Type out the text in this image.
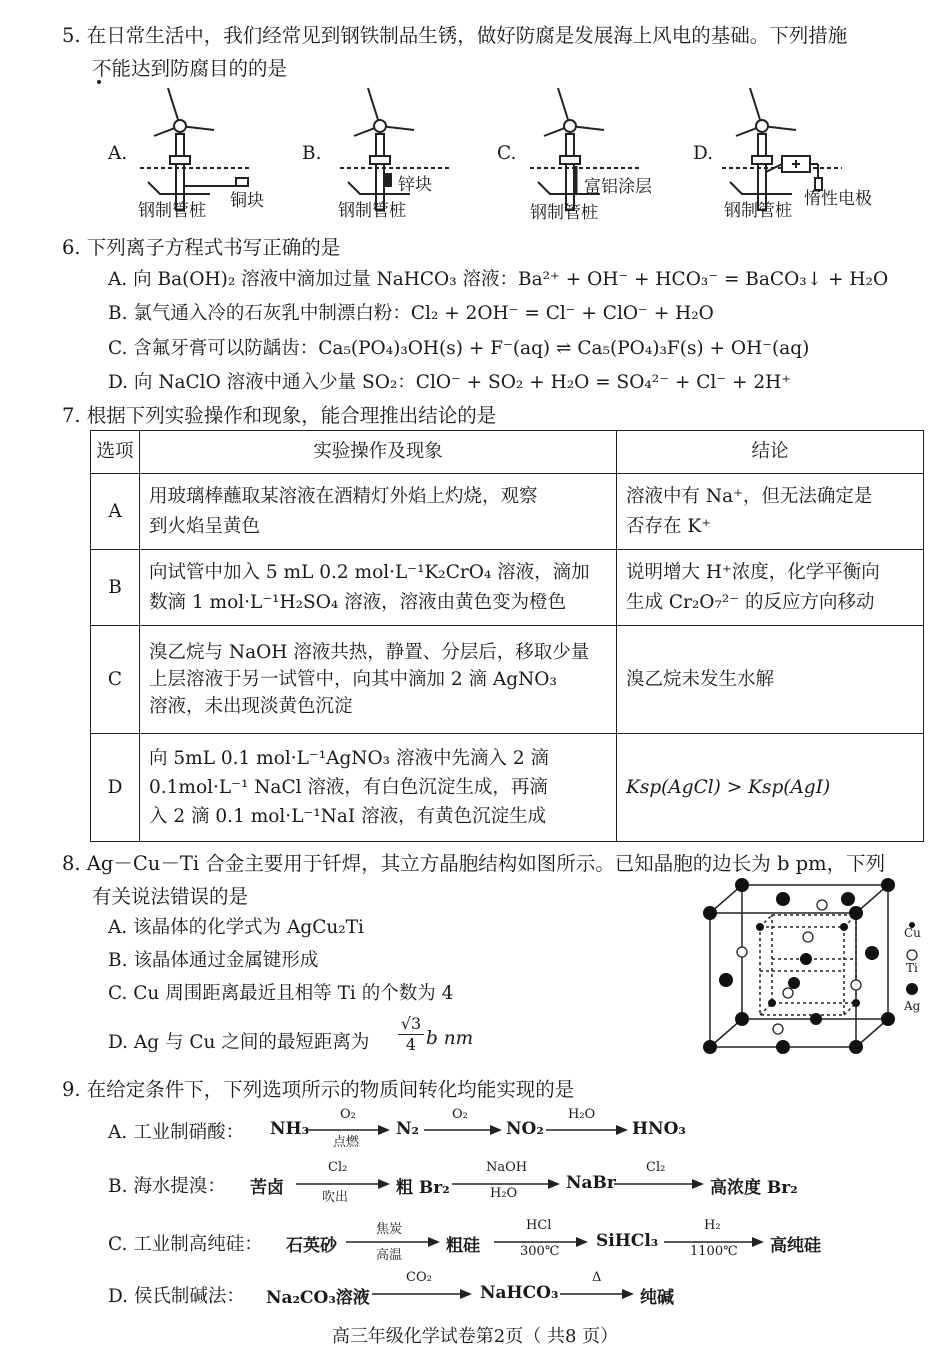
5. 在日常生活中，我们经常见到钢铁制品生锈，做好防腐是发展海上风电的基础。下列措施
不能达到防腐目的的是
A.
钢制管桩 铜块
B.
钢制管桩
锌块
C.
钢制管桩
富铝涂层
D.
钢制管桩
惰性电极
6. 下列离子方程式书写正确的是
A. 向 Ba(OH)₂ 溶液中滴加过量 NaHCO₃ 溶液：Ba²⁺ + OH⁻ + HCO₃⁻ = BaCO₃↓ + H₂O
B. 氯气通入冷的石灰乳中制漂白粉：Cl₂ + 2OH⁻ = Cl⁻ + ClO⁻ + H₂O
C. 含氟牙膏可以防龋齿：Ca₅(PO₄)₃OH(s) + F⁻(aq) ⇌ Ca₅(PO₄)₃F(s) + OH⁻(aq)
D. 向 NaClO 溶液中通入少量 SO₂：ClO⁻ + SO₂ + H₂O = SO₄²⁻ + Cl⁻ + 2H⁺
7. 根据下列实验操作和现象，能合理推出结论的是
选项	实验操作及现象	结论
A	用玻璃棒蘸取某溶液在酒精灯外焰上灼烧，观察
到火焰呈黄色	溶液中有 Na⁺，但无法确定是
否存在 K⁺
B	向试管中加入 5 mL 0.2 mol·L⁻¹K₂CrO₄ 溶液，滴加
数滴 1 mol·L⁻¹H₂SO₄ 溶液，溶液由黄色变为橙色	说明增大 H⁺浓度，化学平衡向
生成 Cr₂O₇²⁻ 的反应方向移动
C	溴乙烷与 NaOH 溶液共热，静置、分层后，移取少量
上层溶液于另一试管中，向其中滴加 2 滴 AgNO₃
溶液，未出现淡黄色沉淀	溴乙烷未发生水解
D	向 5mL 0.1 mol·L⁻¹AgNO₃ 溶液中先滴入 2 滴
0.1mol·L⁻¹ NaCl 溶液，有白色沉淀生成，再滴
入 2 滴 0.1 mol·L⁻¹NaI 溶液，有黄色沉淀生成	Ksp(AgCl) > Ksp(AgI)
8. Ag－Cu－Ti 合金主要用于钎焊，其立方晶胞结构如图所示。已知晶胞的边长为 b pm，下列
有关说法错误的是
A. 该晶体的化学式为 AgCu₂Ti
B. 该晶体通过金属键形成
C. Cu 周围距离最近且相等 Ti 的个数为 4
D. Ag 与 Cu 之间的最短距离为 $\frac{√3}{4}$ b nm
Cu
Ti
Ag
9. 在给定条件下，下列选项所示的物质间转化均能实现的是
A. 工业制硝酸： NH₃
O₂
点燃
N₂
O₂
NO₂
H₂O
HNO₃
B. 海水提溴： 苦卤
Cl₂
吹出	粗 Br₂
NaOH
H₂O
NaBr
Cl₂
高浓度 Br₂
C. 工业制高纯硅： 石英砂
焦炭
高温	粗硅
HCl
300℃
SiHCl₃
H₂
1100℃ 高纯硅
D. 侯氏制碱法： Na₂CO₃溶液
CO₂
NaHCO₃
Δ
纯碱
高三年级化学试卷第2页（ 共8 页）
